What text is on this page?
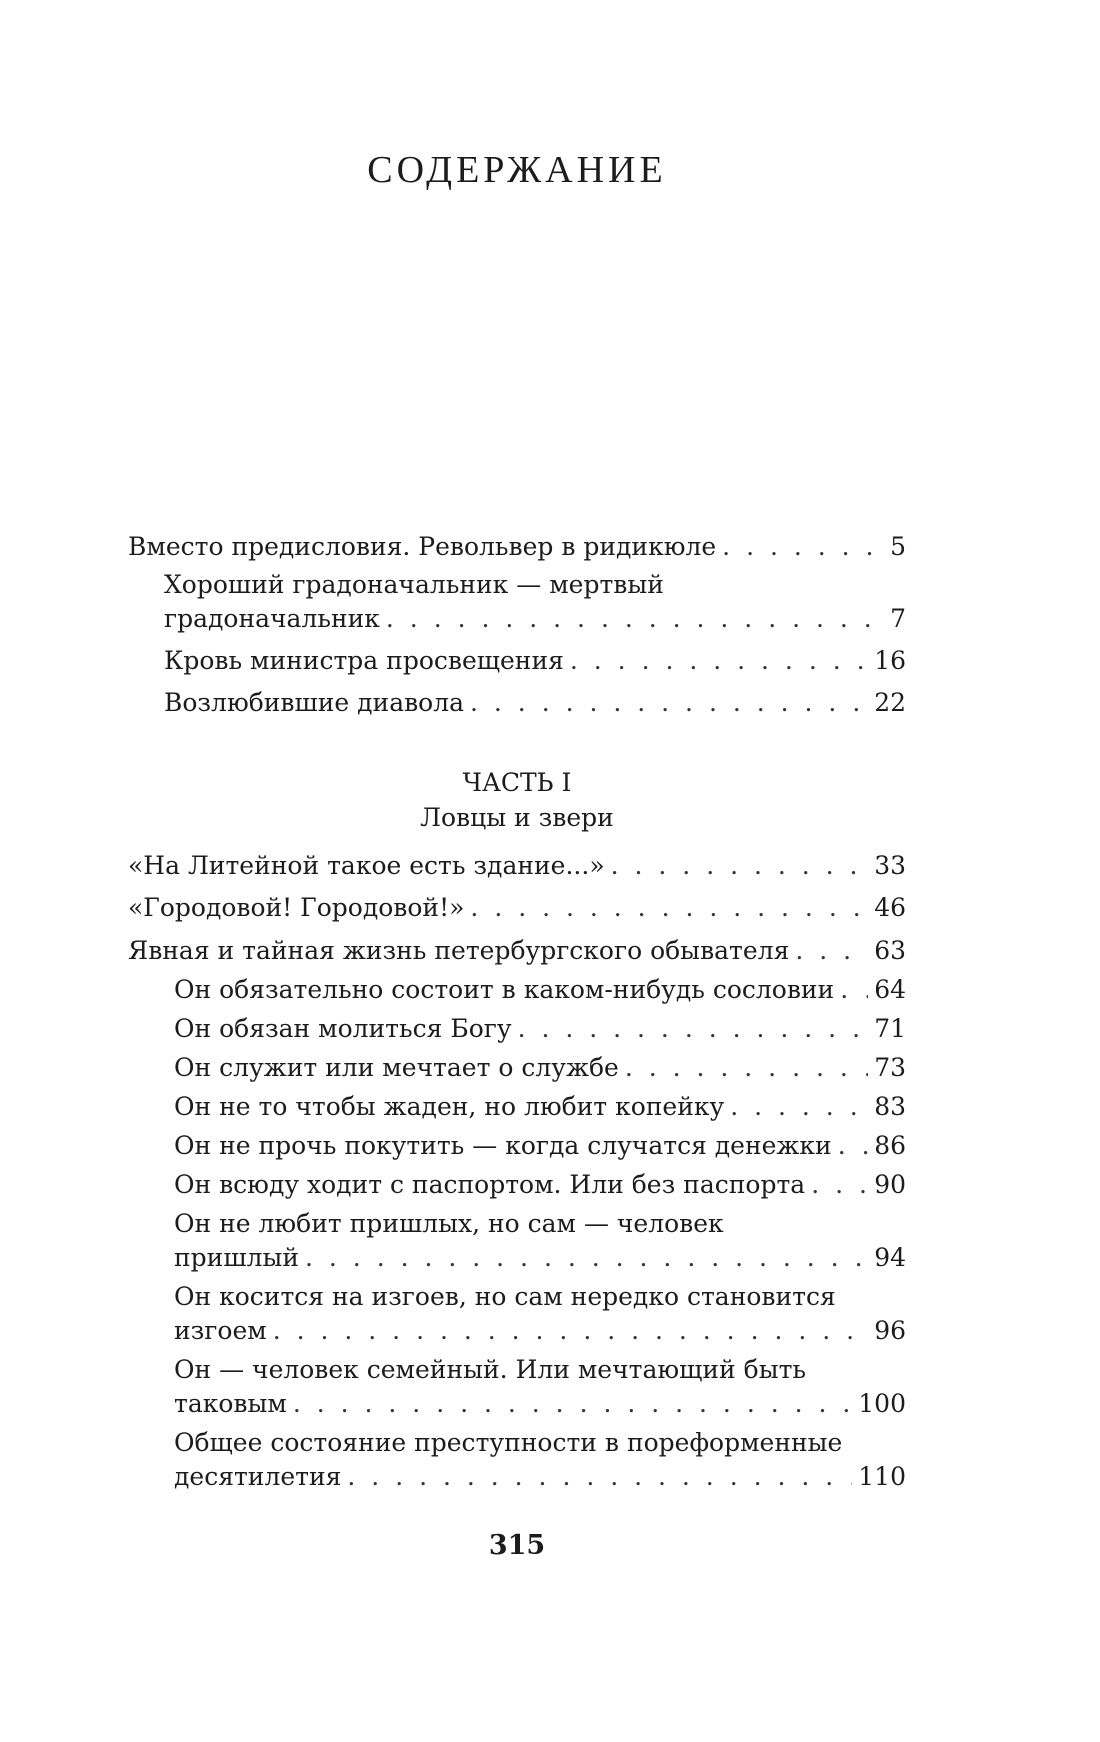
СОДЕРЖАНИЕ
Вместо предисловия. Револьвер в ридикюле . . .	5
Хороший градоначальник — мертвый
градоначальник . . .	7
Кровь министра просвещения . . .	16
Возлюбившие диавола . . .	22
ЧАСТЬ I
Ловцы и звери
«На Литейной такое есть здание...» . . .	33
«Городовой! Городовой!» . . .	46
Явная и тайная жизнь петербургского обывателя . . .	63
Он обязательно состоит в каком-нибудь сословии . . . 64
Он обязан молиться Богу . . .	71
Он служит или мечтает о службе . . .	73
Он не то чтобы жаден, но любит копейку . . .	83
Он не прочь покутить — когда случатся денежки . . . 86
Он всюду ходит с паспортом. Или без паспорта . . .	90
Он не любит пришлых, но сам — человек
пришлый . . .	94
Он косится на изгоев, но сам нередко становится
изгоем . . .	96
Он — человек семейный. Или мечтающий быть
таковым . . .	100
Общее состояние преступности в пореформенные
десятилетия . . .	110
315
